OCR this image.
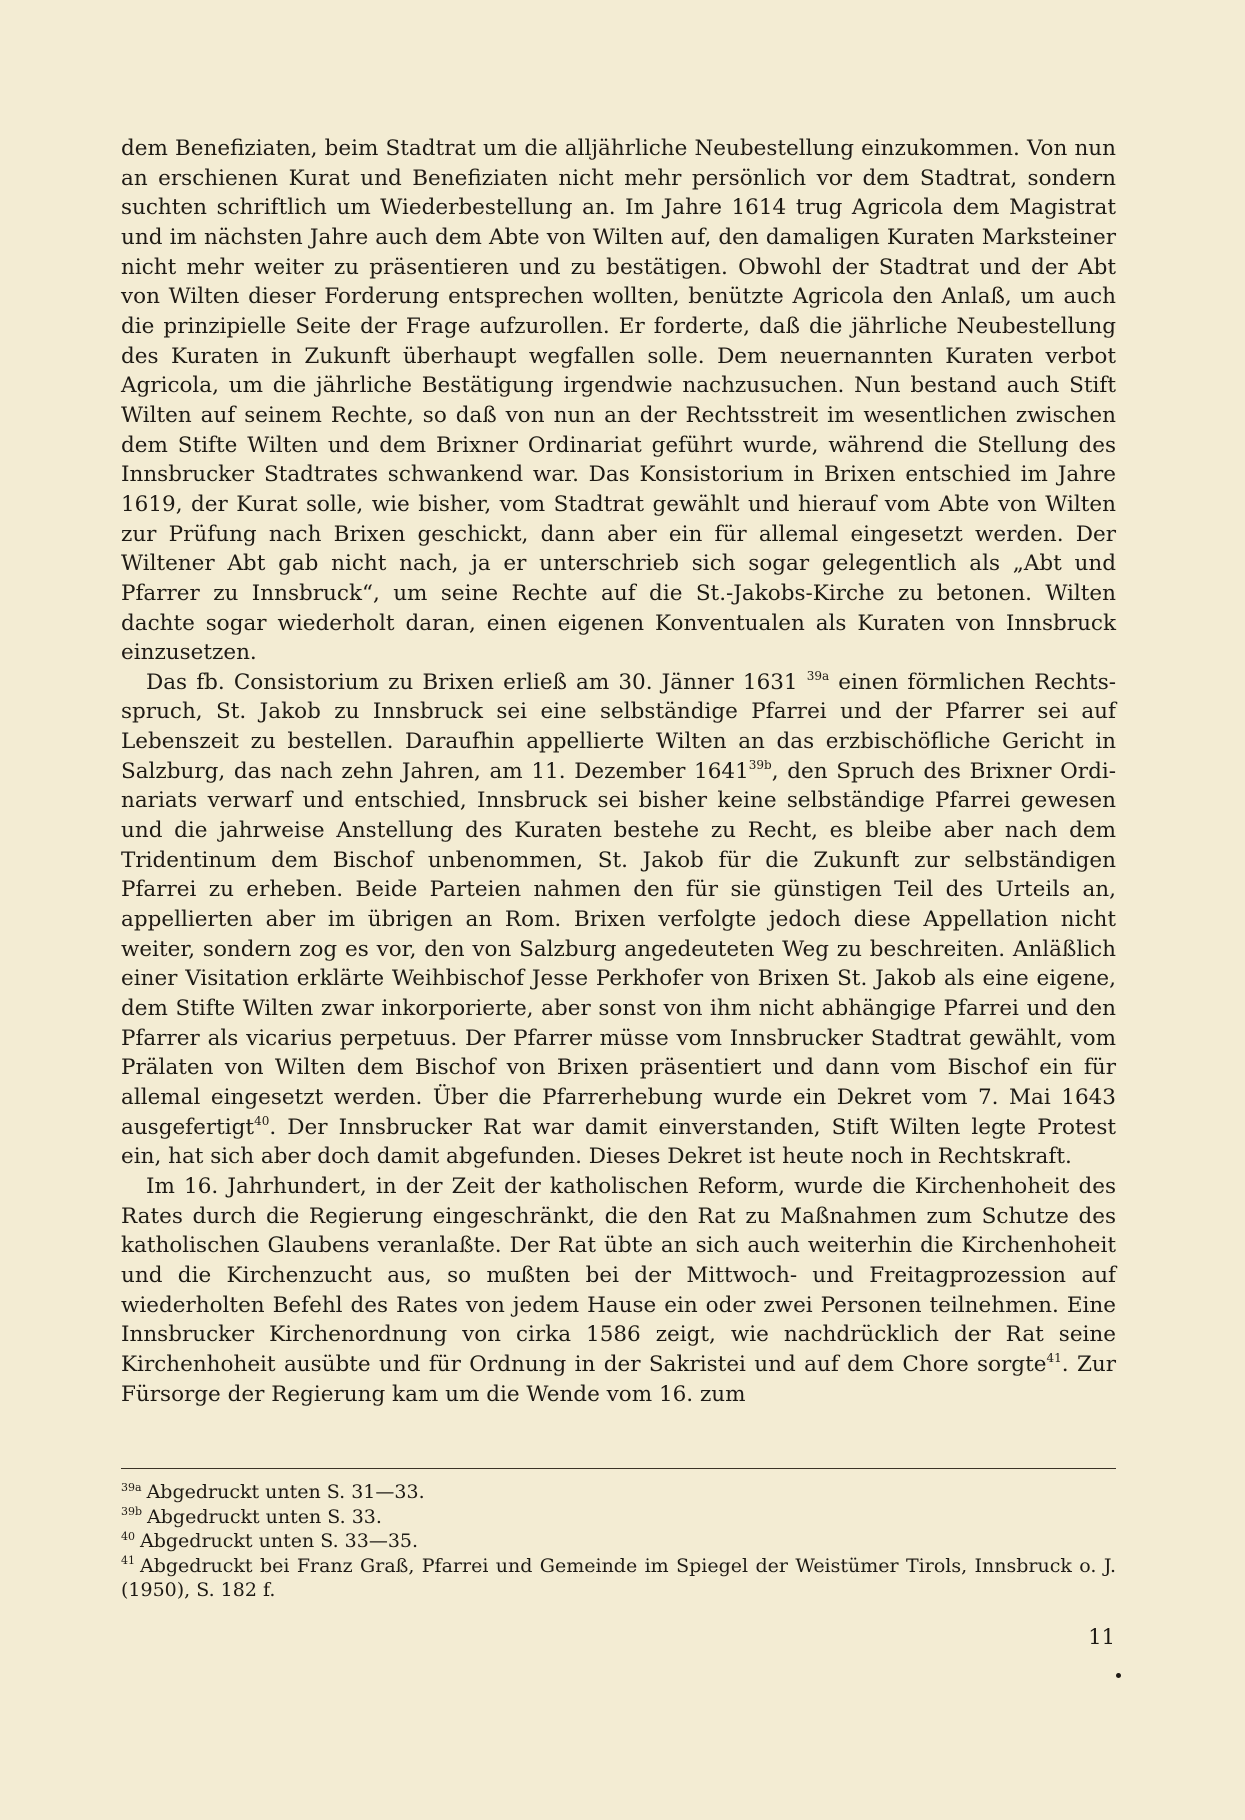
dem Benefiziaten, beim Stadtrat um die alljährliche Neubestellung einzukommen. Von nun an erschienen Kurat und Benefiziaten nicht mehr persönlich vor dem Stadtrat, sondern suchten schriftlich um Wiederbestellung an. Im Jahre 1614 trug Agricola dem Magistrat und im nächsten Jahre auch dem Abte von Wilten auf, den damaligen Kuraten Marksteiner nicht mehr weiter zu präsentieren und zu bestätigen. Obwohl der Stadtrat und der Abt von Wilten dieser Forderung entsprechen wollten, benützte Agricola den Anlaß, um auch die prinzipielle Seite der Frage aufzurollen. Er forderte, daß die jährliche Neubestellung des Kuraten in Zukunft überhaupt wegfallen solle. Dem neuernannten Kuraten verbot Agricola, um die jährliche Bestätigung irgendwie nachzusuchen. Nun bestand auch Stift Wilten auf seinem Rechte, so daß von nun an der Rechtsstreit im wesentlichen zwischen dem Stifte Wilten und dem Brixner Ordinariat geführt wurde, während die Stellung des Innsbrucker Stadtrates schwankend war. Das Konsistorium in Brixen entschied im Jahre 1619, der Kurat solle, wie bisher, vom Stadtrat gewählt und hierauf vom Abte von Wilten zur Prüfung nach Brixen geschickt, dann aber ein für allemal eingesetzt werden. Der Wiltener Abt gab nicht nach, ja er unterschrieb sich sogar gelegentlich als „Abt und Pfarrer zu Innsbruck“, um seine Rechte auf die St.-Jakobs-Kirche zu betonen. Wilten dachte sogar wiederholt daran, einen eigenen Konventualen als Kuraten von Innsbruck einzusetzen.

Das fb. Consistorium zu Brixen erließ am 30. Jänner 1631 $^{39a}$ einen förmlichen Rechtsspruch, St. Jakob zu Innsbruck sei eine selbständige Pfarrei und der Pfarrer sei auf Lebenszeit zu bestellen. Daraufhin appellierte Wilten an das erzbischöfliche Gericht in Salzburg, das nach zehn Jahren, am 11. Dezember $1641^{39b}$, den Spruch des Brixner Ordinariats verwarf und entschied, Innsbruck sei bisher keine selbständige Pfarrei gewesen und die jahrweise Anstellung des Kuraten bestehe zu Recht, es bleibe aber nach dem Tridentinum dem Bischof unbenommen, St. Jakob für die Zukunft zur selbständigen Pfarrei zu erheben. Beide Parteien nahmen den für sie günstigen Teil des Urteils an, appellierten aber im übrigen an Rom. Brixen verfolgte jedoch diese Appellation nicht weiter, sondern zog es vor, den von Salzburg angedeuteten Weg zu beschreiten. Anläßlich einer Visitation erklärte Weihbischof Jesse Perkhofer von Brixen St. Jakob als eine eigene, dem Stifte Wilten zwar inkorporierte, aber sonst von ihm nicht abhängige Pfarrei und den Pfarrer als vicarius perpetuus. Der Pfarrer müsse vom Innsbrucker Stadtrat gewählt, vom Prälaten von Wilten dem Bischof von Brixen präsentiert und dann vom Bischof ein für allemal eingesetzt werden. Über die Pfarrerhebung wurde ein Dekret vom 7. Mai 1643 ausgefertigt$^{40}$. Der Innsbrucker Rat war damit einverstanden, Stift Wilten legte Protest ein, hat sich aber doch damit abgefunden. Dieses Dekret ist heute noch in Rechtskraft.

Im 16. Jahrhundert, in der Zeit der katholischen Reform, wurde die Kirchenhoheit des Rates durch die Regierung eingeschränkt, die den Rat zu Maßnahmen zum Schutze des katholischen Glaubens veranlaßte. Der Rat übte an sich auch weiterhin die Kirchenhoheit und die Kirchenzucht aus, so mußten bei der Mittwoch- und Freitagprozession auf wiederholten Befehl des Rates von jedem Hause ein oder zwei Personen teilnehmen. Eine Innsbrucker Kirchenordnung von cirka 1586 zeigt, wie nachdrücklich der Rat seine Kirchenhoheit ausübte und für Ordnung in der Sakristei und auf dem Chore sorgte$^{41}$. Zur Fürsorge der Regierung kam um die Wende vom 16. zum

$^{39a}$ Abgedruckt unten S. 31—33.

$^{39b}$ Abgedruckt unten S. 33.

$^{40}$ Abgedruckt unten S. 33—35.

$^{41}$ Abgedruckt bei Franz Graß, Pfarrei und Gemeinde im Spiegel der Weistümer Tirols, Innsbruck o. J. (1950), S. 182 f.

11
